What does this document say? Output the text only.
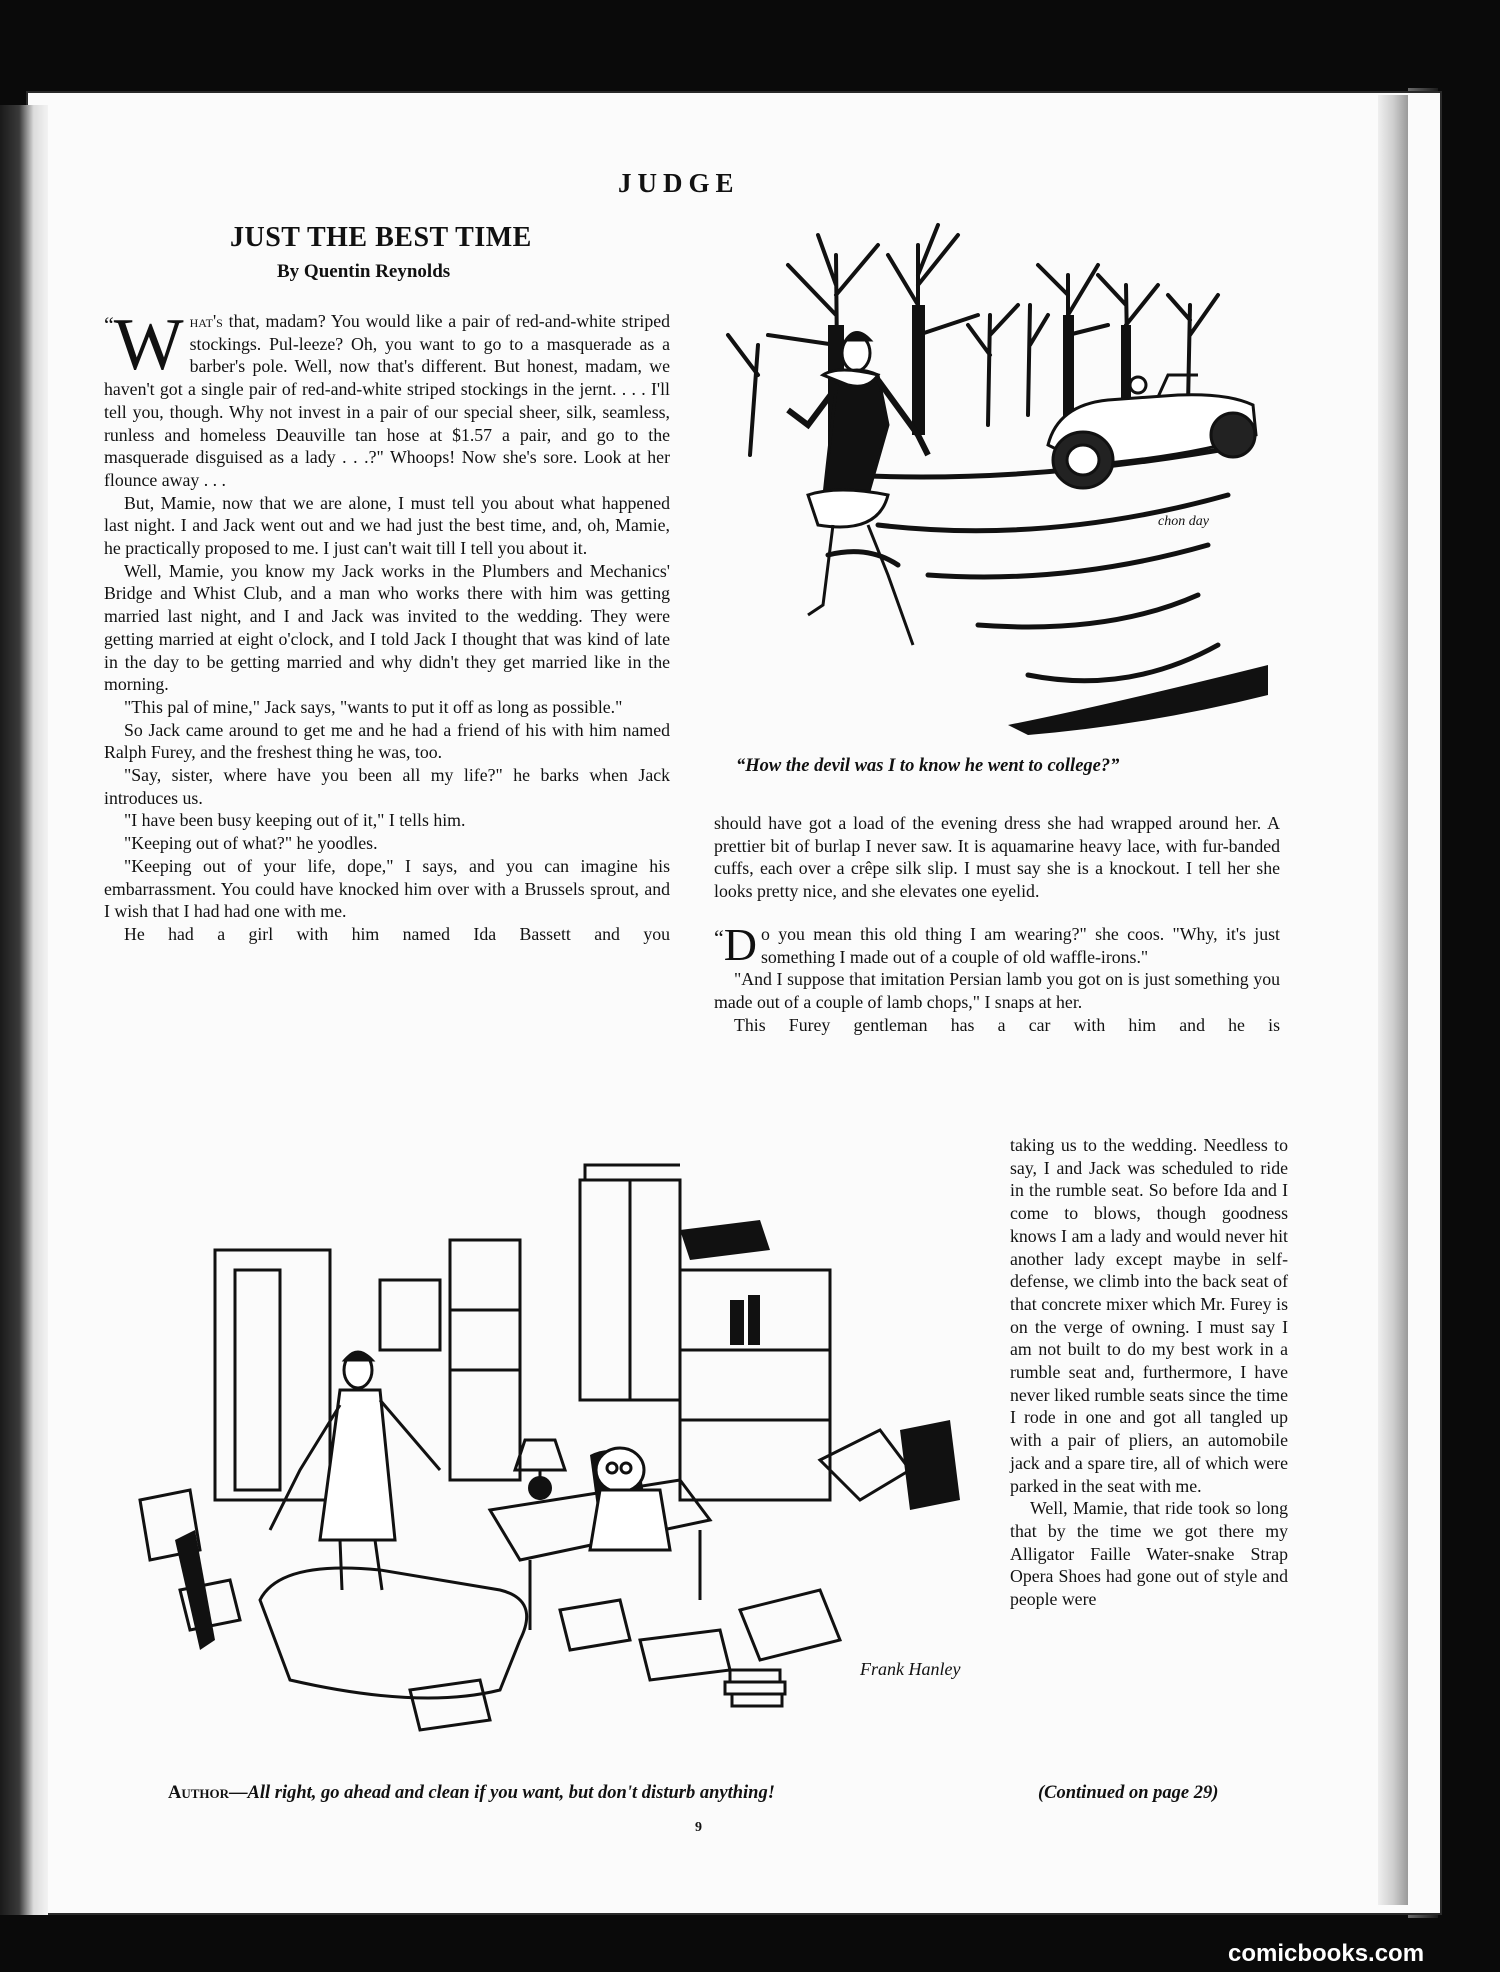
JUDGE
JUST THE BEST TIME
By Quentin Reynolds

“ W hat's that, madam? You would like a pair of red-and-white striped stockings. Pul-leeze? Oh, you want to go to a masquerade as a barber's pole. Well, now that's different. But honest, madam, we haven't got a single pair of red-and-white striped stockings in the jernt. . . . I'll tell you, though. Why not invest in a pair of our special sheer, silk, seamless, runless and homeless Deauville tan hose at $1.57 a pair, and go to the masquerade disguised as a lady . . .?" Whoops! Now she's sore. Look at her flounce away . . .

But, Mamie, now that we are alone, I must tell you about what happened last night. I and Jack went out and we had just the best time, and, oh, Mamie, he practically proposed to me. I just can't wait till I tell you about it.

Well, Mamie, you know my Jack works in the Plumbers and Mechanics' Bridge and Whist Club, and a man who works there with him was getting married last night, and I and Jack was invited to the wedding. They were getting married at eight o'clock, and I told Jack I thought that was kind of late in the day to be getting married and why didn't they get married like in the morning.

"This pal of mine," Jack says, "wants to put it off as long as possible."

So Jack came around to get me and he had a friend of his with him named Ralph Furey, and the freshest thing he was, too.

"Say, sister, where have you been all my life?" he barks when Jack introduces us.

"I have been busy keeping out of it," I tells him.

"Keeping out of what?" he yoodles.

"Keeping out of your life, dope," I says, and you can imagine his embarrassment. You could have knocked him over with a Brussels sprout, and I wish that I had had one with me.

He had a girl with him named Ida Bassett and you

chon day
“How the devil was I to know he went to college?”

should have got a load of the evening dress she had wrapped around her. A prettier bit of burlap I never saw. It is aquamarine heavy lace, with fur-banded cuffs, each over a crêpe silk slip. I must say she is a knockout. I tell her she looks pretty nice, and she elevates one eyelid.

“ D o you mean this old thing I am wearing?" she coos. "Why, it's just something I made out of a couple of old waffle-irons."

"And I suppose that imitation Persian lamb you got on is just something you made out of a couple of lamb chops," I snaps at her.

This Furey gentleman has a car with him and he is

taking us to the wedding. Needless to say, I and Jack was scheduled to ride in the rumble seat. So before Ida and I come to blows, though goodness knows I am a lady and would never hit another lady except maybe in self-defense, we climb into the back seat of that concrete mixer which Mr. Furey is on the verge of owning. I must say I am not built to do my best work in a rumble seat and, furthermore, I have never liked rumble seats since the time I rode in one and got all tangled up with a pair of pliers, an automobile jack and a spare tire, all of which were parked in the seat with me.

Well, Mamie, that ride took so long that by the time we got there my Alligator Faille Water-snake Strap Opera Shoes had gone out of style and people were

Frank Hanley
Author—All right, go ahead and clean if you want, but don't disturb anything!	(Continued on page 29)
9
comicbooks.com
